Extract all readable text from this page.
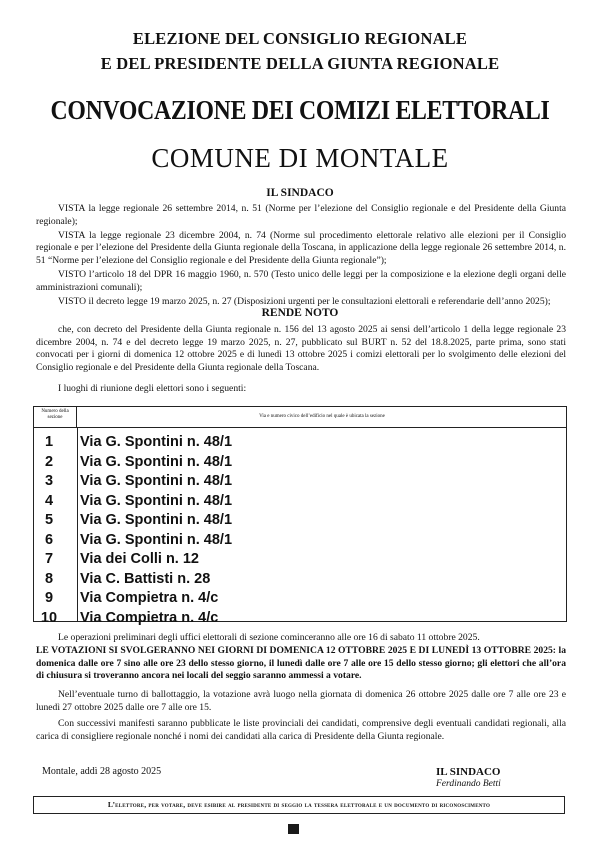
ELEZIONE DEL CONSIGLIO REGIONALE
E DEL PRESIDENTE DELLA GIUNTA REGIONALE
CONVOCAZIONE DEI COMIZI ELETTORALI
COMUNE DI MONTALE
IL SINDACO

VISTA la legge regionale 26 settembre 2014, n. 51 (Norme per l’elezione del Consiglio regionale e del Presidente della Giunta regionale);

VISTA la legge regionale 23 dicembre 2004, n. 74 (Norme sul procedimento elettorale relativo alle elezioni per il Consiglio regionale e per l’elezione del Presidente della Giunta regionale della Toscana, in applicazione della legge regionale 26 settembre 2014, n. 51 “Norme per l’elezione del Consiglio regionale e del Presidente della Giunta regionale”);

VISTO l’articolo 18 del DPR 16 maggio 1960, n. 570 (Testo unico delle leggi per la composizione e la elezione degli organi delle amministrazioni comunali);

VISTO il decreto legge 19 marzo 2025, n. 27 (Disposizioni urgenti per le consultazioni elettorali e referendarie dell’anno 2025);

RENDE NOTO

che, con decreto del Presidente della Giunta regionale n. 156 del 13 agosto 2025 ai sensi dell’articolo 1 della legge regionale 23 dicembre 2004, n. 74 e del decreto legge 19 marzo 2025, n. 27, pubblicato sul BURT n. 52 del 18.8.2025, parte prima, sono stati convocati per i giorni di domenica 12 ottobre 2025 e di lunedì 13 ottobre 2025 i comizi elettorali per lo svolgimento delle elezioni del Consiglio regionale e del Presidente della Giunta regionale della Toscana.

I luoghi di riunione degli elettori sono i seguenti:

Numero della sezione	Via e numero civico dell’edificio nel quale è ubicata la sezione
1	Via G. Spontini n. 48/1
2	Via G. Spontini n. 48/1
3	Via G. Spontini n. 48/1
4	Via G. Spontini n. 48/1
5	Via G. Spontini n. 48/1
6	Via G. Spontini n. 48/1
7	Via dei Colli n. 12
8	Via C. Battisti n. 28
9	Via Compietra n. 4/c
10	Via Compietra n. 4/c

Le operazioni preliminari degli uffici elettorali di sezione cominceranno alle ore 16 di sabato 11 ottobre 2025.

LE VOTAZIONI SI SVOLGERANNO NEI GIORNI DI DOMENICA 12 OTTOBRE 2025 E DI LUNEDÌ 13 OTTOBRE 2025: la domenica dalle ore 7 sino alle ore 23 dello stesso giorno, il lunedì dalle ore 7 alle ore 15 dello stesso giorno; gli elettori che all’ora di chiusura si troveranno ancora nei locali del seggio saranno ammessi a votare.

Nell’eventuale turno di ballottaggio, la votazione avrà luogo nella giornata di domenica 26 ottobre 2025 dalle ore 7 alle ore 23 e lunedì 27 ottobre 2025 dalle ore 7 alle ore 15.

Con successivi manifesti saranno pubblicate le liste provinciali dei candidati, comprensive degli eventuali candidati regionali, alla carica di consigliere regionale nonché i nomi dei candidati alla carica di Presidente della Giunta regionale.

Montale, addì 28 agosto 2025	IL SINDACO
Ferdinando Betti
L’elettore, per votare, deve esibire al presidente di seggio la tessera elettorale e un documento di riconoscimento
